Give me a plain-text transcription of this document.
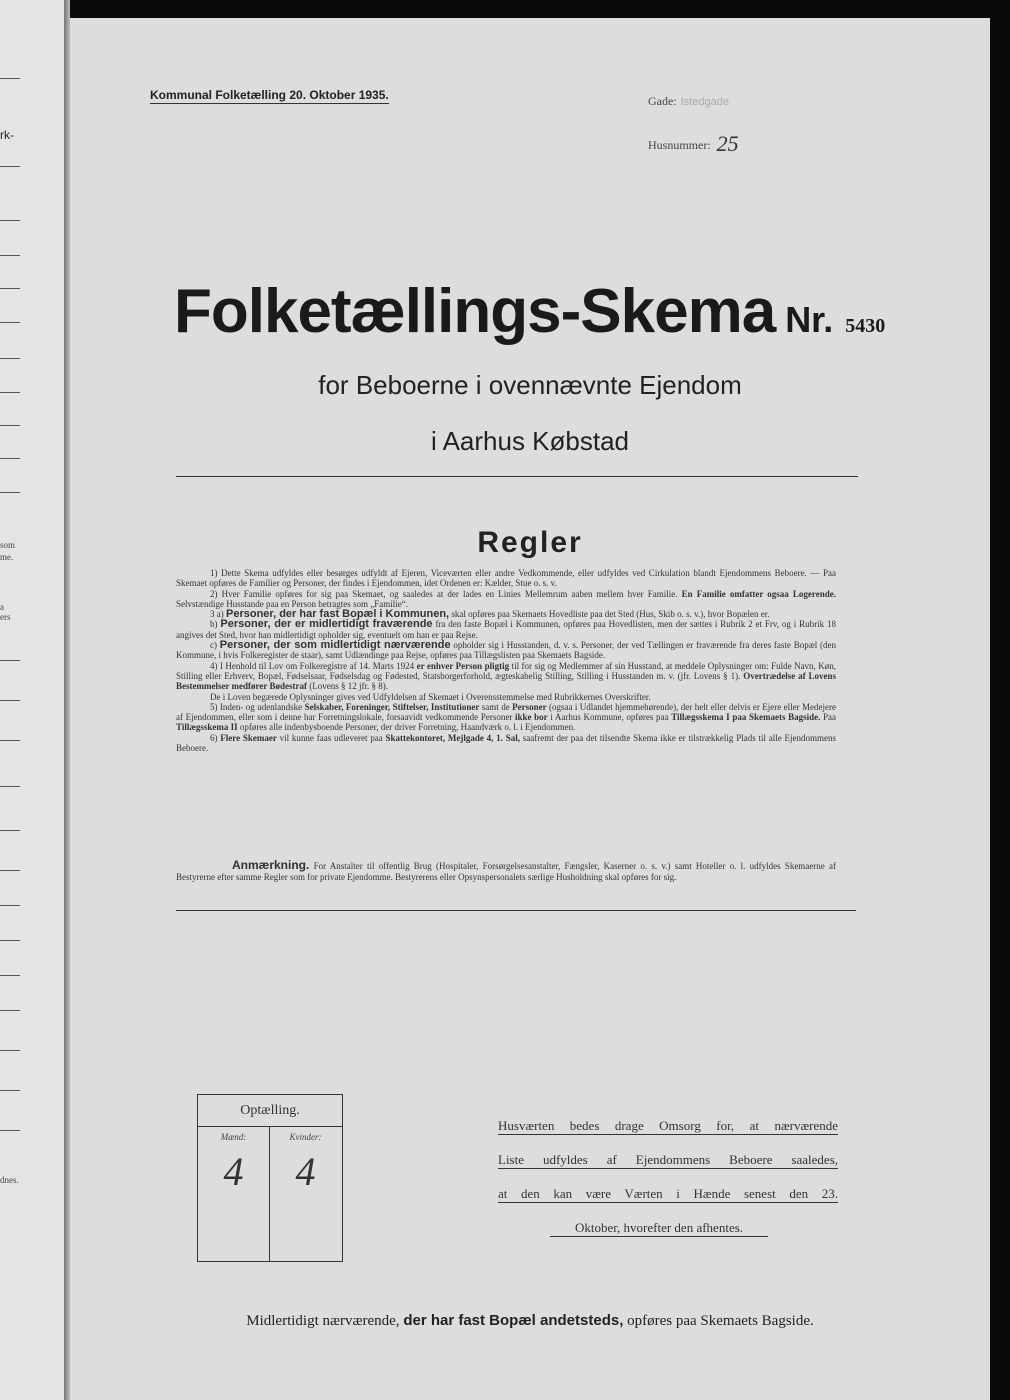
rk-
som
me.
a
ers
dnes.
Kommunal Folketælling 20. Oktober 1935.	Gade: Istedgade
Husnummer: 25
Folketællings-Skema Nr. 5430
for Beboerne i ovennævnte Ejendom
i Aarhus Købstad
Regler

1) Dette Skema udfyldes eller besørges udfyldt af Ejeren, Viceværten eller andre Vedkommende, eller udfyldes ved Cirkulation blandt Ejendommens Beboere. — Paa Skemaet opføres de Familier og Personer, der findes i Ejendommen, idet Ordenen er: Kælder, Stue o. s. v.

2) Hver Familie opføres for sig paa Skemaet, og saaledes at der lades en Linies Mellemrum aaben mellem hver Familie. En Familie omfatter ogsaa Logerende. Selvstændige Husstande paa en Person betragtes som „Familie“.

3 a) Personer, der har fast Bopæl i Kommunen, skal opføres paa Skemaets Hovedliste paa det Sted (Hus, Skib o. s. v.), hvor Bopælen er.

b) Personer, der er midlertidigt fraværende fra den faste Bopæl i Kommunen, opføres paa Hovedlisten, men der sættes i Rubrik 2 et Frv, og i Rubrik 18 angives det Sted, hvor han midlertidigt opholder sig, eventuelt om han er paa Rejse.

c) Personer, der som midlertidigt nærværende opholder sig i Husstanden, d. v. s. Personer, der ved Tællingen er fraværende fra deres faste Bopæl (den Kommune, i hvis Folkeregister de staar), samt Udlændinge paa Rejse, opføres paa Tillægslisten paa Skemaets Bagside.

4) I Henhold til Lov om Folkeregistre af 14. Marts 1924 er enhver Person pligtig til for sig og Medlemmer af sin Husstand, at meddele Oplysninger om: Fulde Navn, Køn, Stilling eller Erhverv, Bopæl, Fødselsaar, Fødselsdag og Fødested, Statsborgerforhold, ægteskabelig Stilling, Stilling i Husstanden m. v. (jfr. Lovens § 1). Overtrædelse af Lovens Bestemmelser medfører Bødestraf (Lovens § 12 jfr. § 8).

De i Loven begærede Oplysninger gives ved Udfyldelsen af Skemaet i Overensstemmelse med Rubrikkernes Overskrifter.

5) Inden- og udenlandske Selskaber, Foreninger, Stiftelser, Institutioner samt de Personer (ogsaa i Udlandet hjemmehørende), der helt eller delvis er Ejere eller Medejere af Ejendommen, eller som i denne har Forretningslokale, forsaavidt vedkommende Personer ikke bor i Aarhus Kommune, opføres paa Tillægsskema I paa Skemaets Bagside. Paa Tillægsskema II opføres alle indenbysboende Personer, der driver Forretning, Haandværk o. l. i Ejendommen.

6) Flere Skemaer vil kunne faas udleveret paa Skattekontoret, Mejlgade 4, 1. Sal, saafremt der paa det tilsendte Skema ikke er tilstrækkelig Plads til alle Ejendommens Beboere.

Anmærkning. For Anstalter til offentlig Brug (Hospitaler, Forsørgelsesanstalter, Fængsler, Kaserner o. s. v.) samt Hoteller o. l. udfyldes Skemaerne af Bestyrerne efter samme Regler som for private Ejendomme. Bestyrerens eller Opsynspersonalets særlige Husholdning skal opføres for sig.

Optælling.
Mænd:
4
Kvinder:
4
Husværten bedes drage Omsorg for, at nærværende
Liste udfyldes af Ejendommens Beboere saaledes,
at den kan være Værten i Hænde senest den 23.
Oktober, hvorefter den afhentes.
Midlertidigt nærværende, der har fast Bopæl andetsteds, opføres paa Skemaets Bagside.
